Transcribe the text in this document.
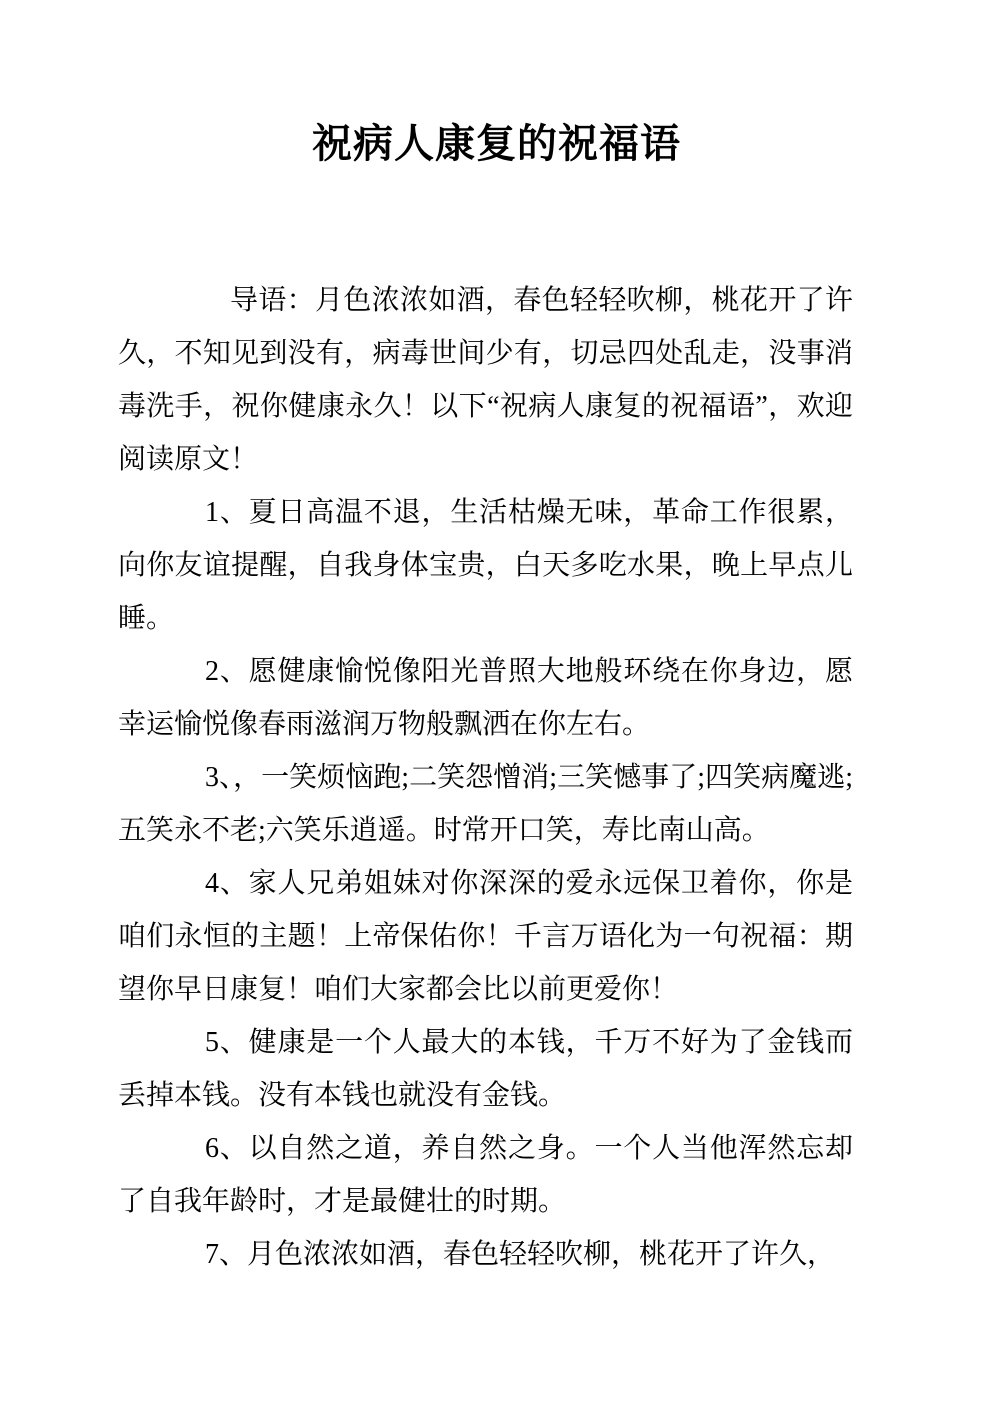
祝病人康复的祝福语

导语：月色浓浓如酒，春色轻轻吹柳，桃花开了许久，不知见到没有，病毒世间少有，切忌四处乱走，没事消毒洗手，祝你健康永久！以下“祝病人康复的祝福语”，欢迎阅读原文！

1、夏日高温不退，生活枯燥无味，革命工作很累，向你友谊提醒，自我身体宝贵，白天多吃水果，晚上早点儿睡。

2、愿健康愉悦像阳光普照大地般环绕在你身边，愿幸运愉悦像春雨滋润万物般飘洒在你左右。

3、，一笑烦恼跑;二笑怨憎消;三笑憾事了;四笑病魔逃;五笑永不老;六笑乐逍遥。时常开口笑，寿比南山高。

4、家人兄弟姐妹对你深深的爱永远保卫着你，你是咱们永恒的主题！上帝保佑你！千言万语化为一句祝福：期望你早日康复！咱们大家都会比以前更爱你！

5、健康是一个人最大的本钱，千万不好为了金钱而丢掉本钱。没有本钱也就没有金钱。

6、以自然之道，养自然之身。一个人当他浑然忘却了自我年龄时，才是最健壮的时期。

7、月色浓浓如酒，春色轻轻吹柳，桃花开了许久，
